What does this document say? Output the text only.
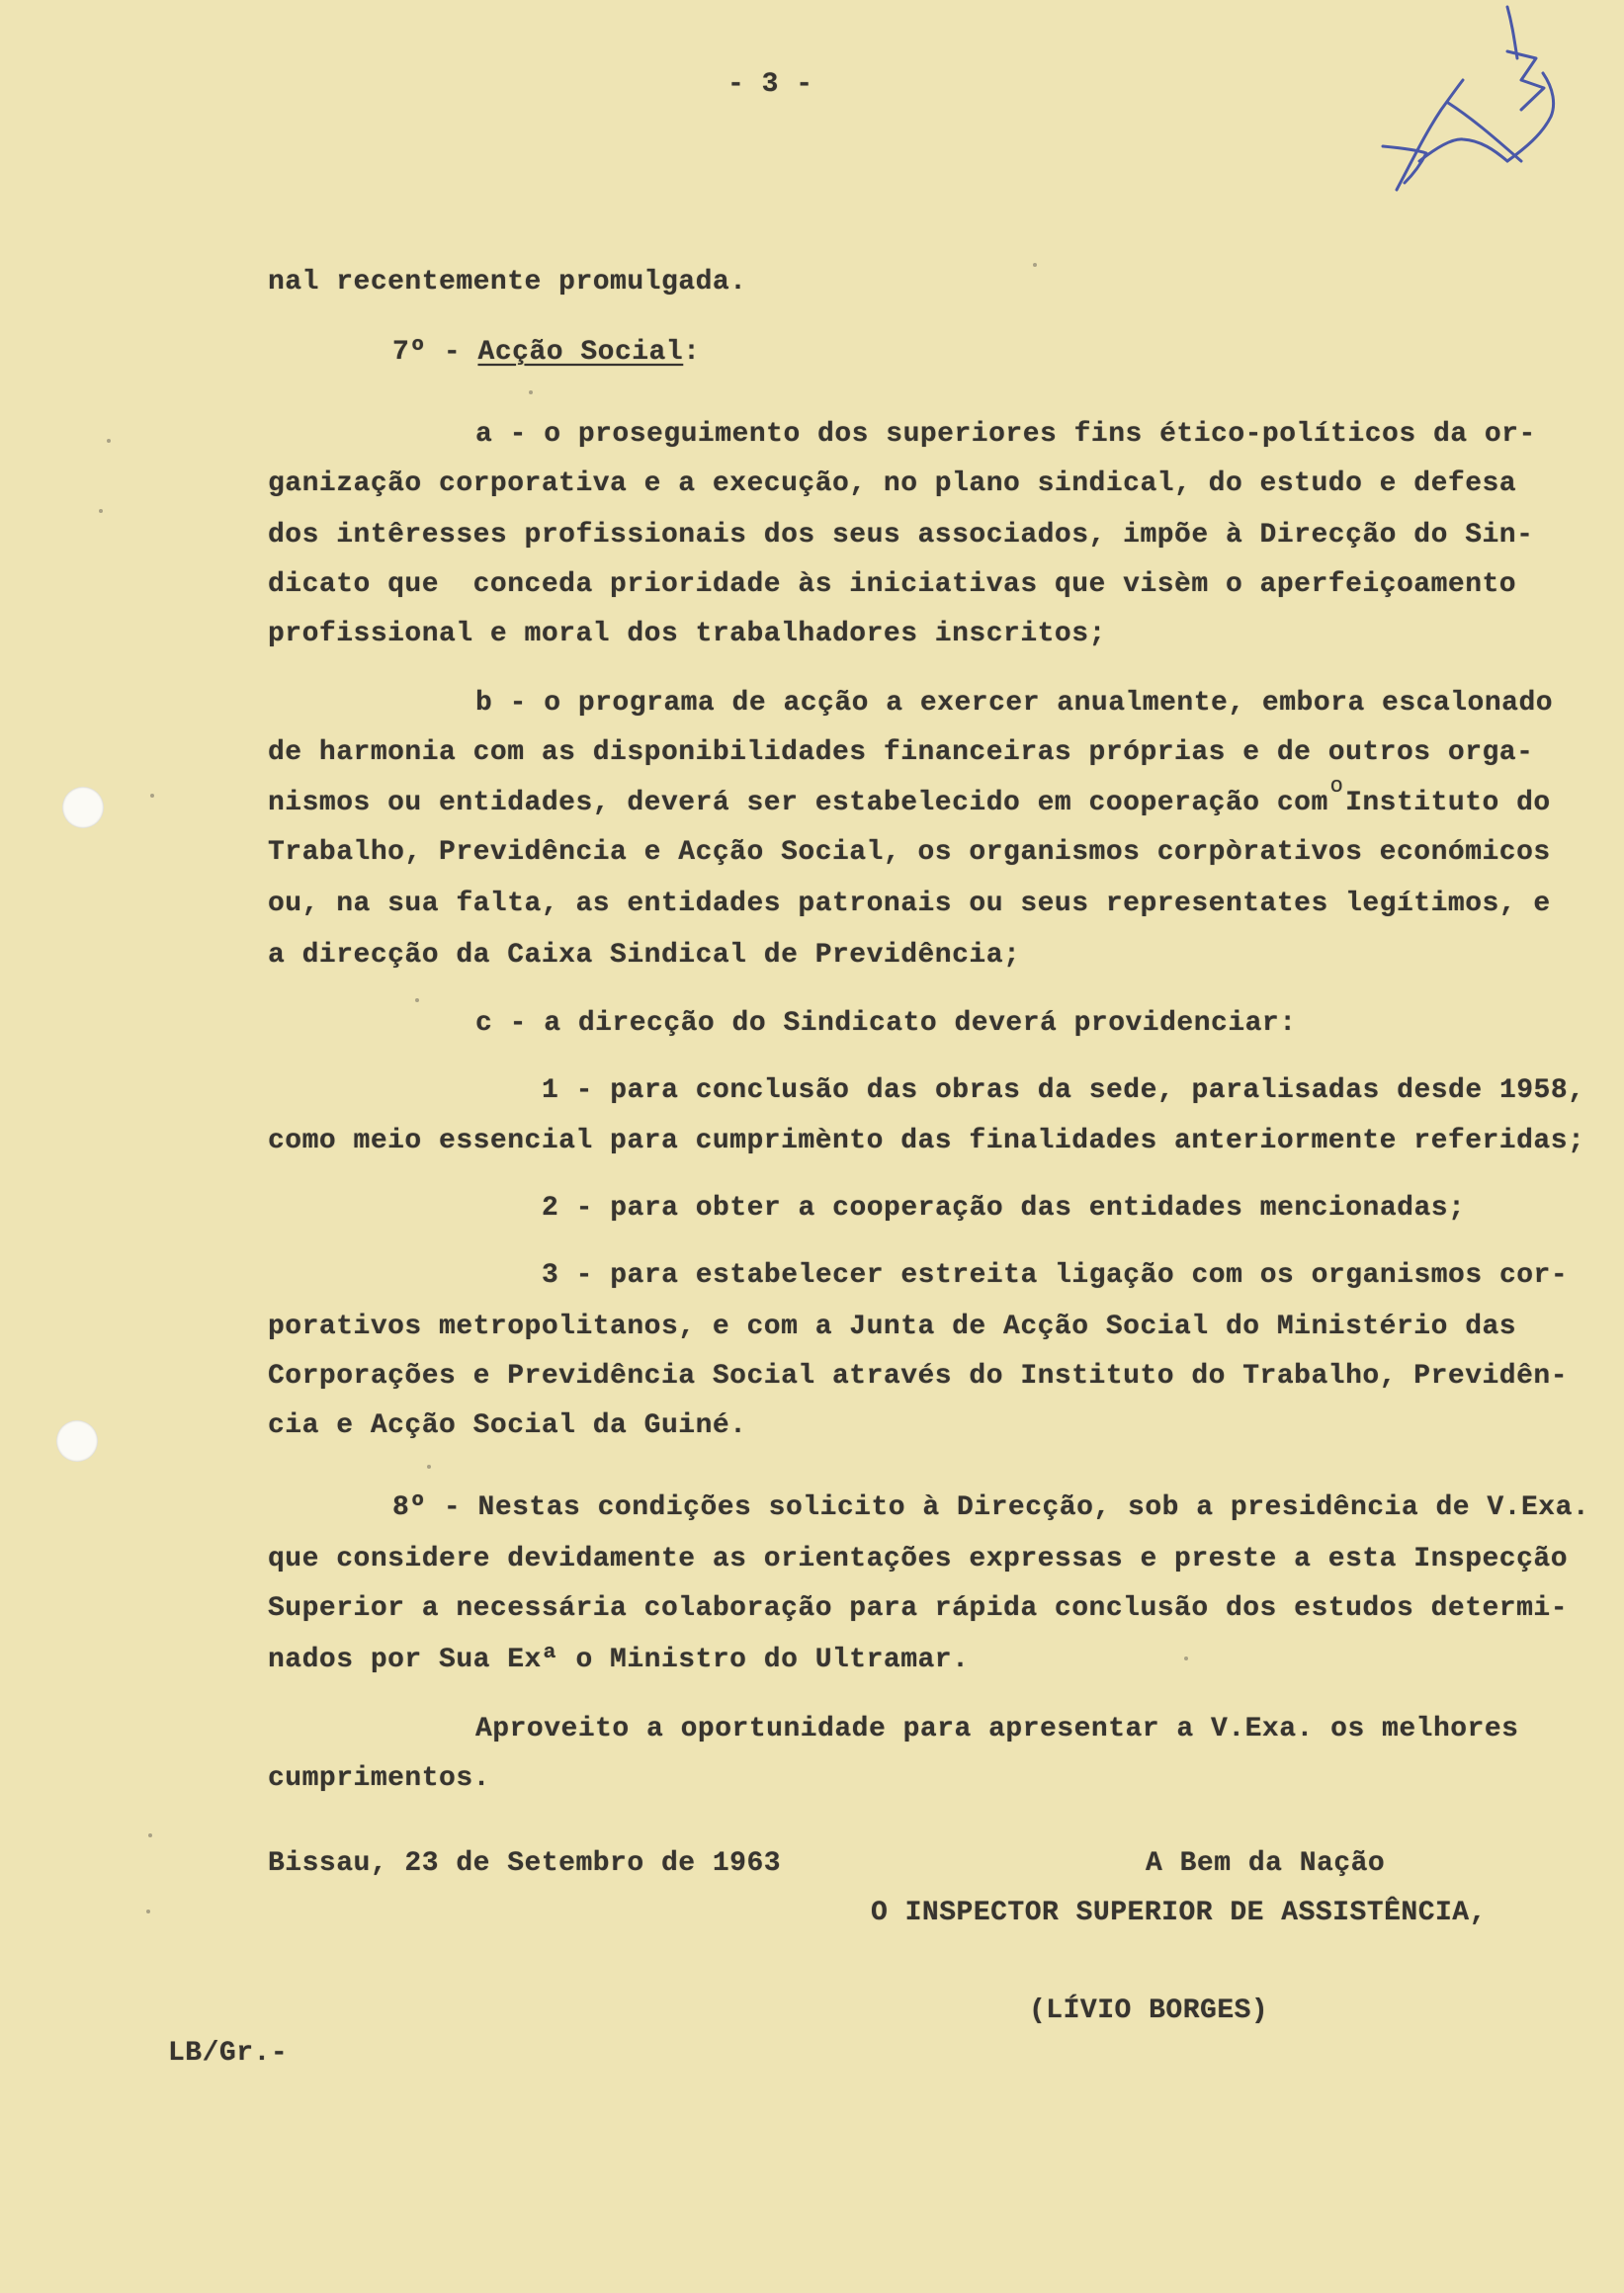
- 3 -
nal recentemente promulgada.
7º - Acção Social:
a - o proseguimento dos superiores fins ético-políticos da or-
ganização corporativa e a execução, no plano sindical, do estudo e defesa
dos intêresses profissionais dos seus associados, impõe à Direcção do Sin-
dicato que  conceda prioridade às iniciativas que visèm o aperfeiçoamento
profissional e moral dos trabalhadores inscritos;
b - o programa de acção a exercer anualmente, embora escalonado
de harmonia com as disponibilidades financeiras próprias e de outros orga-
nismos ou entidades, deverá ser estabelecido em cooperação comoInstituto do
Trabalho, Previdência e Acção Social, os organismos corpòrativos económicos
ou, na sua falta, as entidades patronais ou seus representates legítimos, e
a direcção da Caixa Sindical de Previdência;
c - a direcção do Sindicato deverá providenciar:
1 - para conclusão das obras da sede, paralisadas desde 1958,
como meio essencial para cumprimènto das finalidades anteriormente referidas;
2 - para obter a cooperação das entidades mencionadas;
3 - para estabelecer estreita ligação com os organismos cor-
porativos metropolitanos, e com a Junta de Acção Social do Ministério das
Corporações e Previdência Social através do Instituto do Trabalho, Previdên-
cia e Acção Social da Guiné.
8º - Nestas condições solicito à Direcção, sob a presidência de V.Exa.
que considere devidamente as orientações expressas e preste a esta Inspecção
Superior a necessária colaboração para rápida conclusão dos estudos determi-
nados por Sua Exª o Ministro do Ultramar.
Aproveito a oportunidade para apresentar a V.Exa. os melhores
cumprimentos.
Bissau, 23 de Setembro de 1963	A Bem da Nação
O INSPECTOR SUPERIOR DE ASSISTÊNCIA,
(LÍVIO BORGES)
LB/Gr.-
